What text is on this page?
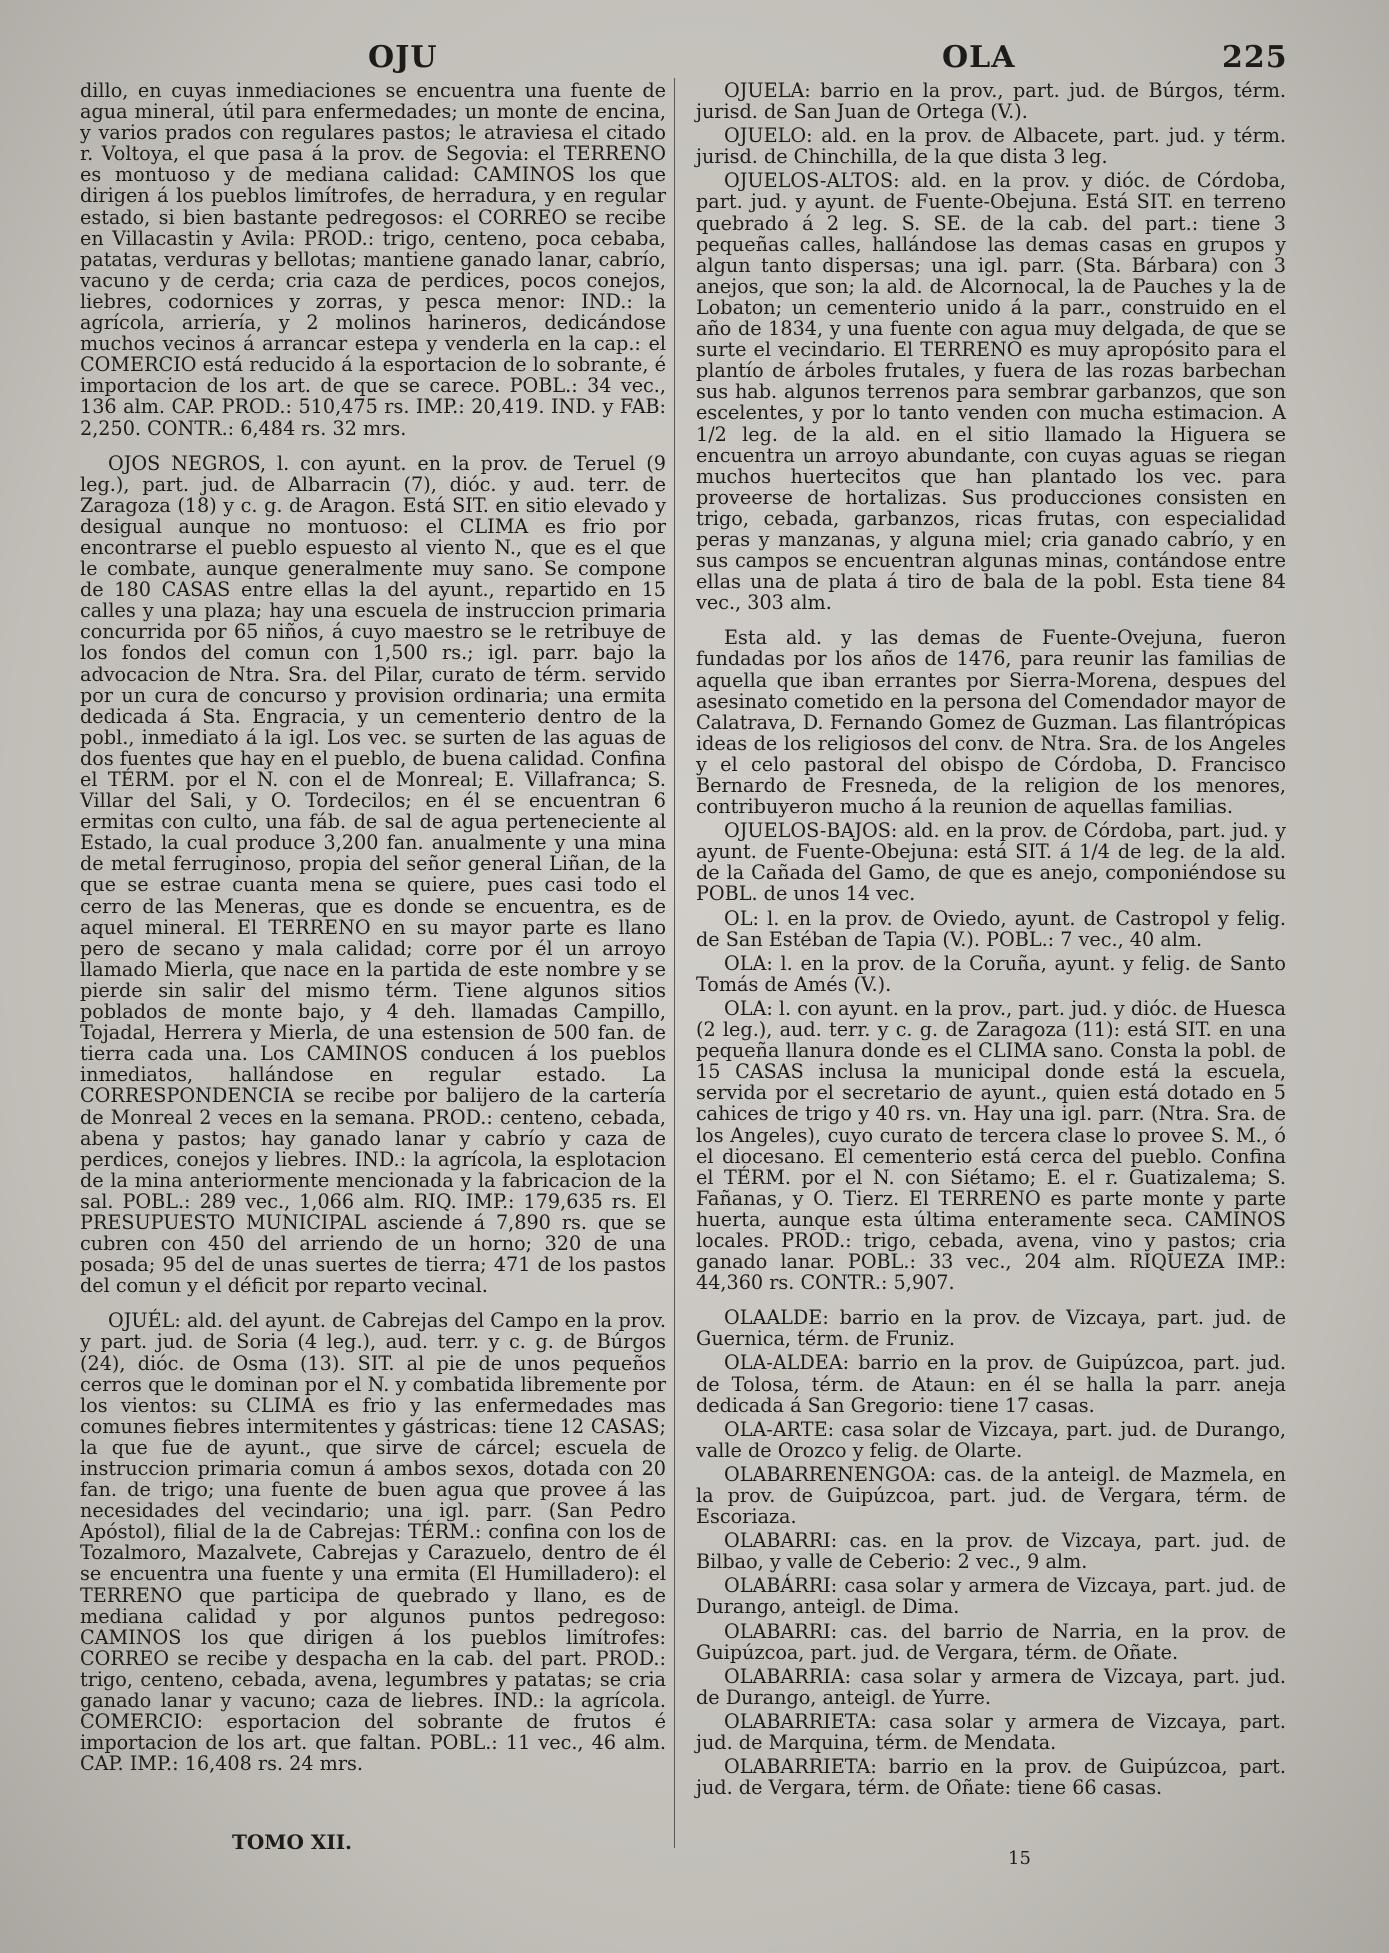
OJU	OLA	225

dillo, en cuyas inmediaciones se encuentra una fuente de agua mineral, útil para enfermedades; un monte de encina, y varios prados con regulares pastos; le atraviesa el citado r. Voltoya, el que pasa á la prov. de Segovia: el TERRENO es montuoso y de mediana calidad: CAMINOS los que dirigen á los pueblos limítrofes, de herradura, y en regular estado, si bien bastante pedregosos: el CORREO se recibe en Villacastin y Avila: PROD.: trigo, centeno, poca cebaba, patatas, verduras y bellotas; mantiene ganado lanar, cabrío, vacuno y de cerda; cria caza de perdices, pocos conejos, liebres, codornices y zorras, y pesca menor: IND.: la agrícola, arriería, y 2 molinos harineros, dedicándose muchos vecinos á arrancar estepa y venderla en la cap.: el COMERCIO está reducido á la esportacion de lo sobrante, é importacion de los art. de que se carece. POBL.: 34 vec., 136 alm. CAP. PROD.: 510,475 rs. IMP.: 20,419. IND. y FAB: 2,250. CONTR.: 6,484 rs. 32 mrs.

OJOS NEGROS, l. con ayunt. en la prov. de Teruel (9 leg.), part. jud. de Albarracin (7), dióc. y aud. terr. de Zaragoza (18) y c. g. de Aragon. Está SIT. en sitio elevado y desigual aunque no montuoso: el CLIMA es frio por encontrarse el pueblo espuesto al viento N., que es el que le combate, aunque generalmente muy sano. Se compone de 180 CASAS entre ellas la del ayunt., repartido en 15 calles y una plaza; hay una escuela de instruccion primaria concurrida por 65 niños, á cuyo maestro se le retribuye de los fondos del comun con 1,500 rs.; igl. parr. bajo la advocacion de Ntra. Sra. del Pilar, curato de térm. servido por un cura de concurso y provision ordinaria; una ermita dedicada á Sta. Engracia, y un cementerio dentro de la pobl., inmediato á la igl. Los vec. se surten de las aguas de dos fuentes que hay en el pueblo, de buena calidad. Confina el TÉRM. por el N. con el de Monreal; E. Villafranca; S. Villar del Sali, y O. Tordecilos; en él se encuentran 6 ermitas con culto, una fáb. de sal de agua perteneciente al Estado, la cual produce 3,200 fan. anualmente y una mina de metal ferruginoso, propia del señor general Liñan, de la que se estrae cuanta mena se quiere, pues casi todo el cerro de las Meneras, que es donde se encuentra, es de aquel mineral. El TERRENO en su mayor parte es llano pero de secano y mala calidad; corre por él un arroyo llamado Mierla, que nace en la partida de este nombre y se pierde sin salir del mismo térm. Tiene algunos sitios poblados de monte bajo, y 4 deh. llamadas Campillo, Tojadal, Herrera y Mierla, de una estension de 500 fan. de tierra cada una. Los CAMINOS conducen á los pueblos inmediatos, hallándose en regular estado. La CORRESPONDENCIA se recibe por balijero de la cartería de Monreal 2 veces en la semana. PROD.: centeno, cebada, abena y pastos; hay ganado lanar y cabrío y caza de perdices, conejos y liebres. IND.: la agrícola, la esplotacion de la mina anteriormente mencionada y la fabricacion de la sal. POBL.: 289 vec., 1,066 alm. RIQ. IMP.: 179,635 rs. El PRESUPUESTO MUNICIPAL asciende á 7,890 rs. que se cubren con 450 del arriendo de un horno; 320 de una posada; 95 del de unas suertes de tierra; 471 de los pastos del comun y el déficit por reparto vecinal.

OJUÉL: ald. del ayunt. de Cabrejas del Campo en la prov. y part. jud. de Soria (4 leg.), aud. terr. y c. g. de Búrgos (24), dióc. de Osma (13). SIT. al pie de unos pequeños cerros que le dominan por el N. y combatida libremente por los vientos: su CLIMA es frio y las enfermedades mas comunes fiebres intermitentes y gástricas: tiene 12 CASAS; la que fue de ayunt., que sirve de cárcel; escuela de instruccion primaria comun á ambos sexos, dotada con 20 fan. de trigo; una fuente de buen agua que provee á las necesidades del vecindario; una igl. parr. (San Pedro Apóstol), filial de la de Cabrejas: TÉRM.: confina con los de Tozalmoro, Mazalvete, Cabrejas y Carazuelo, dentro de él se encuentra una fuente y una ermita (El Humilladero): el TERRENO que participa de quebrado y llano, es de mediana calidad y por algunos puntos pedregoso: CAMINOS los que dirigen á los pueblos limítrofes: CORREO se recibe y despacha en la cab. del part. PROD.: trigo, centeno, cebada, avena, legumbres y patatas; se cria ganado lanar y vacuno; caza de liebres. IND.: la agrícola. COMERCIO: esportacion del sobrante de frutos é importacion de los art. que faltan. POBL.: 11 vec., 46 alm. CAP. IMP.: 16,408 rs. 24 mrs.

OJUELA: barrio en la prov., part. jud. de Búrgos, térm. jurisd. de San Juan de Ortega (V.).

OJUELO: ald. en la prov. de Albacete, part. jud. y térm. jurisd. de Chinchilla, de la que dista 3 leg.

OJUELOS-ALTOS: ald. en la prov. y dióc. de Córdoba, part. jud. y ayunt. de Fuente-Obejuna. Está SIT. en terreno quebrado á 2 leg. S. SE. de la cab. del part.: tiene 3 pequeñas calles, hallándose las demas casas en grupos y algun tanto dispersas; una igl. parr. (Sta. Bárbara) con 3 anejos, que son; la ald. de Alcornocal, la de Pauches y la de Lobaton; un cementerio unido á la parr., construido en el año de 1834, y una fuente con agua muy delgada, de que se surte el vecindario. El TERRENO es muy apropósito para el plantío de árboles frutales, y fuera de las rozas barbechan sus hab. algunos terrenos para sembrar garbanzos, que son escelentes, y por lo tanto venden con mucha estimacion. A 1/2 leg. de la ald. en el sitio llamado la Higuera se encuentra un arroyo abundante, con cuyas aguas se riegan muchos huertecitos que han plantado los vec. para proveerse de hortalizas. Sus producciones consisten en trigo, cebada, garbanzos, ricas frutas, con especialidad peras y manzanas, y alguna miel; cria ganado cabrío, y en sus campos se encuentran algunas minas, contándose entre ellas una de plata á tiro de bala de la pobl. Esta tiene 84 vec., 303 alm.

Esta ald. y las demas de Fuente-Ovejuna, fueron fundadas por los años de 1476, para reunir las familias de aquella que iban errantes por Sierra-Morena, despues del asesinato cometido en la persona del Comendador mayor de Calatrava, D. Fernando Gomez de Guzman. Las filantrópicas ideas de los religiosos del conv. de Ntra. Sra. de los Angeles y el celo pastoral del obispo de Córdoba, D. Francisco Bernardo de Fresneda, de la religion de los menores, contribuyeron mucho á la reunion de aquellas familias.

OJUELOS-BAJOS: ald. en la prov. de Córdoba, part. jud. y ayunt. de Fuente-Obejuna: está SIT. á 1/4 de leg. de la ald. de la Cañada del Gamo, de que es anejo, componiéndose su POBL. de unos 14 vec.

OL: l. en la prov. de Oviedo, ayunt. de Castropol y felig. de San Estéban de Tapia (V.). POBL.: 7 vec., 40 alm.

OLA: l. en la prov. de la Coruña, ayunt. y felig. de Santo Tomás de Amés (V.).

OLA: l. con ayunt. en la prov., part. jud. y dióc. de Huesca (2 leg.), aud. terr. y c. g. de Zaragoza (11): está SIT. en una pequeña llanura donde es el CLIMA sano. Consta la pobl. de 15 CASAS inclusa la municipal donde está la escuela, servida por el secretario de ayunt., quien está dotado en 5 cahices de trigo y 40 rs. vn. Hay una igl. parr. (Ntra. Sra. de los Angeles), cuyo curato de tercera clase lo provee S. M., ó el diocesano. El cementerio está cerca del pueblo. Confina el TÉRM. por el N. con Siétamo; E. el r. Guatizalema; S. Fañanas, y O. Tierz. El TERRENO es parte monte y parte huerta, aunque esta última enteramente seca. CAMINOS locales. PROD.: trigo, cebada, avena, vino y pastos; cria ganado lanar. POBL.: 33 vec., 204 alm. RIQUEZA IMP.: 44,360 rs. CONTR.: 5,907.

OLAALDE: barrio en la prov. de Vizcaya, part. jud. de Guernica, térm. de Fruniz.

OLA-ALDEA: barrio en la prov. de Guipúzcoa, part. jud. de Tolosa, térm. de Ataun: en él se halla la parr. aneja dedicada á San Gregorio: tiene 17 casas.

OLA-ARTE: casa solar de Vizcaya, part. jud. de Durango, valle de Orozco y felig. de Olarte.

OLABARRENENGOA: cas. de la anteigl. de Mazmela, en la prov. de Guipúzcoa, part. jud. de Vergara, térm. de Escoriaza.

OLABARRI: cas. en la prov. de Vizcaya, part. jud. de Bilbao, y valle de Ceberio: 2 vec., 9 alm.

OLABÁRRI: casa solar y armera de Vizcaya, part. jud. de Durango, anteigl. de Dima.

OLABARRI: cas. del barrio de Narria, en la prov. de Guipúzcoa, part. jud. de Vergara, térm. de Oñate.

OLABARRIA: casa solar y armera de Vizcaya, part. jud. de Durango, anteigl. de Yurre.

OLABARRIETA: casa solar y armera de Vizcaya, part. jud. de Marquina, térm. de Mendata.

OLABARRIETA: barrio en la prov. de Guipúzcoa, part. jud. de Vergara, térm. de Oñate: tiene 66 casas.

TOMO XII.
15
